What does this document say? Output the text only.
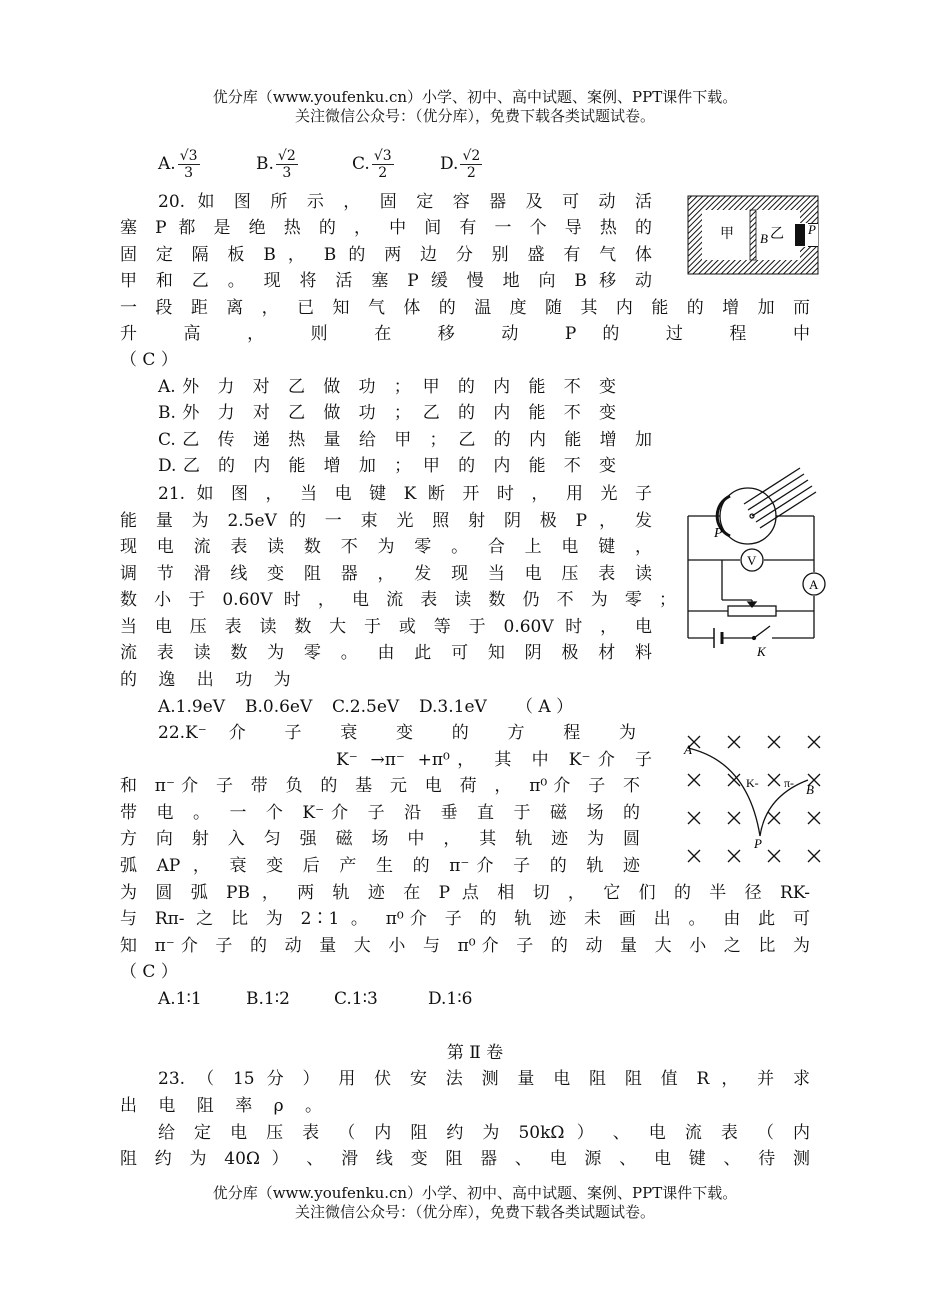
优分库（www.youfenku.cn）小学、初中、高中试题、案例、PPT课件下载。
关注微信公众号：（优分库），免费下载各类试题试卷。
A. $\frac{√3}{3}$	B. $\frac{√2}{3}$	C. $\frac{√3}{2}$	D. $\frac{√2}{2}$
20. 如 图 所 示 ， 固 定 容 器 及 可 动 活
塞 P 都 是 绝 热 的 ， 中 间 有 一 个 导 热 的
固 定 隔 板 B ， B 的 两 边 分 别 盛 有 气 体
甲 和 乙 。 现 将 活 塞 P 缓 慢 地 向 B 移 动
一 段 距 离 ， 已 知 气 体 的 温 度 随 其 内 能 的 增 加 而
升 高 ， 则 在 移 动 P 的 过 程 中
（ C ）
A.外 力 对 乙 做 功 ； 甲 的 内 能 不 变
B.外 力 对 乙 做 功 ； 乙 的 内 能 不 变
C.乙 传 递 热 量 给 甲 ； 乙 的 内 能 增 加
D.乙 的 内 能 增 加 ； 甲 的 内 能 不 变
甲	乙
B
P
21. 如 图 ， 当 电 键 K 断 开 时 ， 用 光 子
能 量 为 2.5eV 的 一 束 光 照 射 阴 极 P ， 发
现 电 流 表 读 数 不 为 零 。 合 上 电 键 ，
调 节 滑 线 变 阻 器 ， 发 现 当 电 压 表 读
数 小 于 0.60V 时 ， 电 流 表 读 数 仍 不 为 零 ；
当 电 压 表 读 数 大 于 或 等 于 0.60V 时 ， 电
流 表 读 数 为 零 。 由 此 可 知 阴 极 材 料
的 逸 出 功 为
A.1.9eV B.0.6eV C.2.5eV D.3.1eV （ A ）
P
V
A
K
22.K⁻ 介 子 衰 变 的 方 程 为
K⁻ →π⁻ +π⁰， 其 中 K⁻介 子
和 π⁻介 子 带 负 的 基 元 电 荷 ， π⁰介 子 不
带 电 。 一 个 K⁻介 子 沿 垂 直 于 磁 场 的
方 向 射 入 匀 强 磁 场 中 ， 其 轨 迹 为 圆
弧 AP ， 衰 变 后 产 生 的 π⁻介 子 的 轨 迹
为 圆 弧 PB ， 两 轨 迹 在 P 点 相 切 ， 它 们 的 半 径 RK-
与 Rπ- 之 比 为 2∶1 。 π⁰介 子 的 轨 迹 未 画 出 。 由 此 可
知 π⁻介 子 的 动 量 大 小 与 π⁰介 子 的 动 量 大 小 之 比 为
（ C ）
A.1∶1	B.1∶2	C.1∶3	D.1∶6
A
B
P
K- π-
第 Ⅱ 卷
23. （ 15 分 ） 用 伏 安 法 测 量 电 阻 阻 值 R ， 并 求
出 电 阻 率 ρ 。
给 定 电 压 表 （ 内 阻 约 为 50kΩ ） 、 电 流 表 （ 内
阻 约 为 40Ω ） 、 滑 线 变 阻 器 、 电 源 、 电 键 、 待 测
优分库（www.youfenku.cn）小学、初中、高中试题、案例、PPT课件下载。
关注微信公众号：（优分库），免费下载各类试题试卷。
